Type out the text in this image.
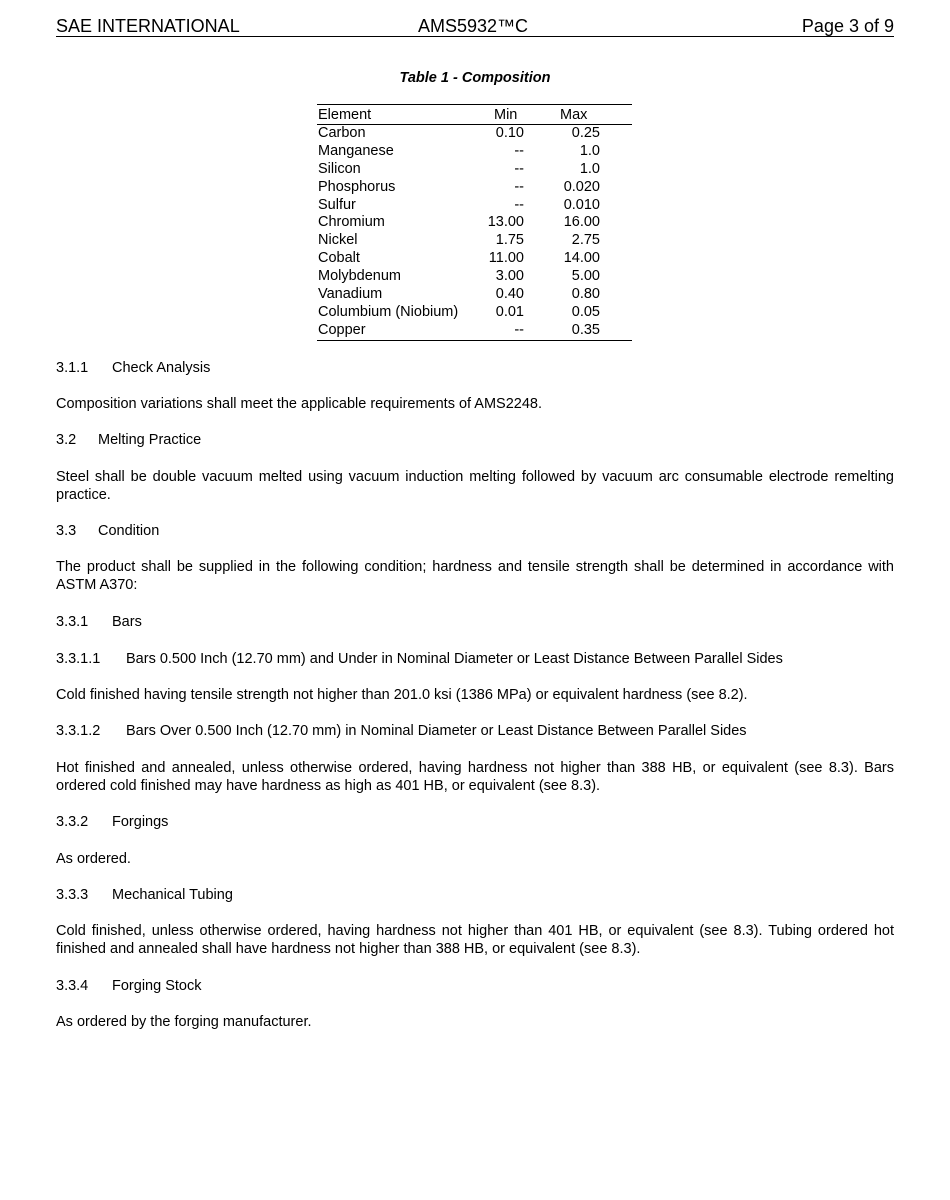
SAE INTERNATIONAL	AMS5932™C	Page 3 of 9
Table 1 - Composition
Element	Min	Max
Carbon	0.10	0.25
Manganese	--	1.0
Silicon	--	1.0
Phosphorus	--	0.020
Sulfur	--	0.010
Chromium	13.00	16.00
Nickel	1.75	2.75
Cobalt	11.00	14.00
Molybdenum	3.00	5.00
Vanadium	0.40	0.80
Columbium (Niobium)	0.01	0.05
Copper	--	0.35
3.1.1 Check Analysis
Composition variations shall meet the applicable requirements of AMS2248.
3.2 Melting Practice
Steel shall be double vacuum melted using vacuum induction melting followed by vacuum arc consumable electrode remelting practice.
3.3 Condition
The product shall be supplied in the following condition; hardness and tensile strength shall be determined in accordance with ASTM A370:
3.3.1 Bars
3.3.1.1 Bars 0.500 Inch (12.70 mm) and Under in Nominal Diameter or Least Distance Between Parallel Sides
Cold finished having tensile strength not higher than 201.0 ksi (1386 MPa) or equivalent hardness (see 8.2).
3.3.1.2 Bars Over 0.500 Inch (12.70 mm) in Nominal Diameter or Least Distance Between Parallel Sides
Hot finished and annealed, unless otherwise ordered, having hardness not higher than 388 HB, or equivalent (see 8.3). Bars ordered cold finished may have hardness as high as 401 HB, or equivalent (see 8.3).
3.3.2 Forgings
As ordered.
3.3.3 Mechanical Tubing
Cold finished, unless otherwise ordered, having hardness not higher than 401 HB, or equivalent (see 8.3). Tubing ordered hot finished and annealed shall have hardness not higher than 388 HB, or equivalent (see 8.3).
3.3.4 Forging Stock
As ordered by the forging manufacturer.
